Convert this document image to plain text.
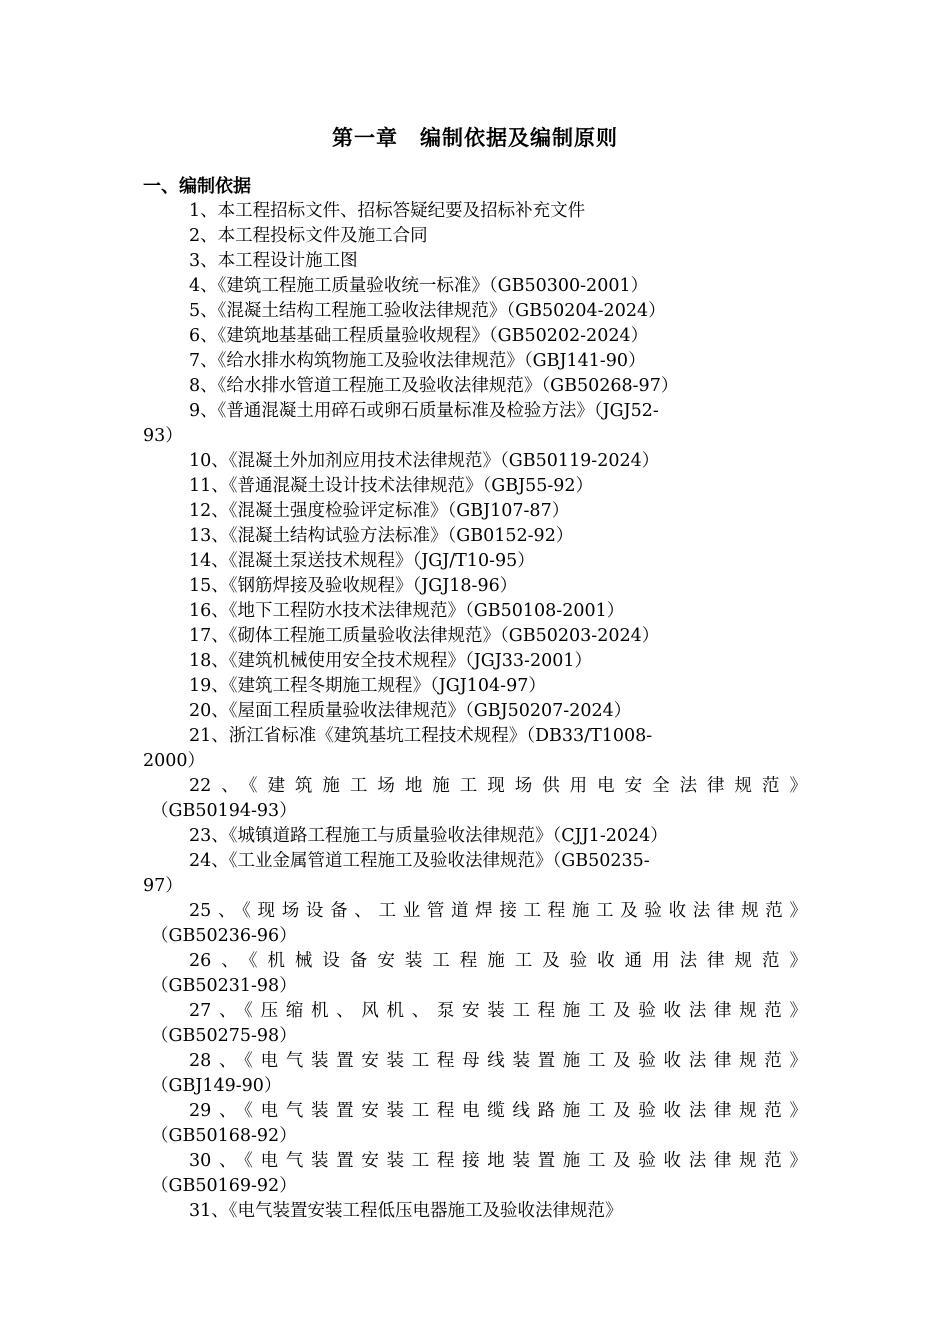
第一章　编制依据及编制原则
一、编制依据
1、本工程招标文件、招标答疑纪要及招标补充文件
2、本工程投标文件及施工合同
3、本工程设计施工图
4、《建筑工程施工质量验收统一标准》（GB50300-2001）
5、《混凝土结构工程施工验收法律规范》（GB50204-2024）
6、《建筑地基基础工程质量验收规程》（GB50202-2024）
7、《给水排水构筑物施工及验收法律规范》（GBJ141-90）
8、《给水排水管道工程施工及验收法律规范》（GB50268-97）
9、《普通混凝土用碎石或卵石质量标准及检验方法》（JGJ52-
93）
10、《混凝土外加剂应用技术法律规范》（GB50119-2024）
11、《普通混凝土设计技术法律规范》（GBJ55-92）
12、《混凝土强度检验评定标准》（GBJ107-87）
13、《混凝土结构试验方法标准》（GB0152-92）
14、《混凝土泵送技术规程》（JGJ/T10-95）
15、《钢筋焊接及验收规程》（JGJ18-96）
16、《地下工程防水技术法律规范》（GB50108-2001）
17、《砌体工程施工质量验收法律规范》（GB50203-2024）
18、《建筑机械使用安全技术规程》（JGJ33-2001）
19、《建筑工程冬期施工规程》（JGJ104-97）
20、《屋面工程质量验收法律规范》（GBJ50207-2024）
21、浙江省标准《建筑基坑工程技术规程》（DB33/T1008-
2000）
22、《建筑施工场地施工现场供用电安全法律规范》
（GB50194-93）
23、《城镇道路工程施工与质量验收法律规范》（CJJ1-2024）
24、《工业金属管道工程施工及验收法律规范》（GB50235-
97）
25、《现场设备、工业管道焊接工程施工及验收法律规范》
（GB50236-96）
26、《机械设备安装工程施工及验收通用法律规范》
（GB50231-98）
27、《压缩机、风机、泵安装工程施工及验收法律规范》
（GB50275-98）
28、《电气装置安装工程母线装置施工及验收法律规范》
（GBJ149-90）
29、《电气装置安装工程电缆线路施工及验收法律规范》
（GB50168-92）
30、《电气装置安装工程接地装置施工及验收法律规范》
（GB50169-92）
31、《电气装置安装工程低压电器施工及验收法律规范》
